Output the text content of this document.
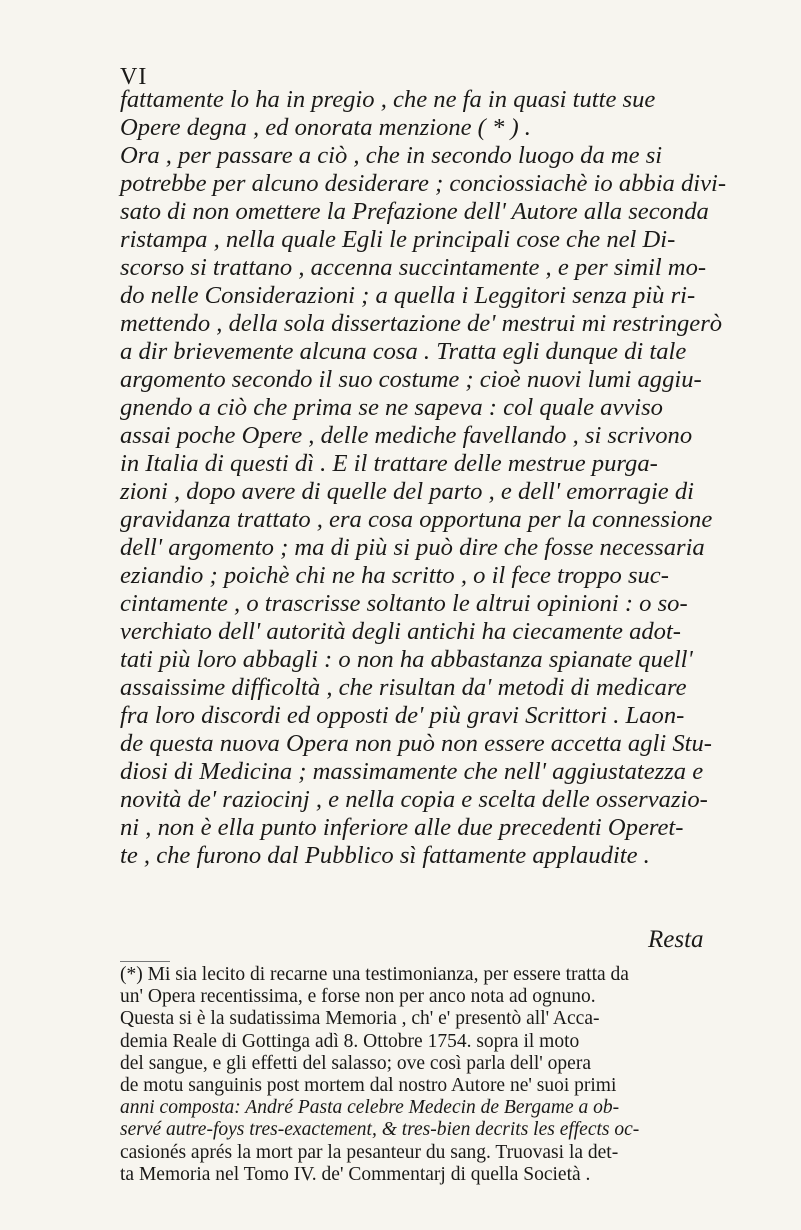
VI
fattamente lo ha in pregio , che ne fa in quasi tutte sue
Opere degna , ed onorata menzione ( * ) .
Ora , per passare a ciò , che in secondo luogo da me si
potrebbe per alcuno desiderare ; conciossiachè io abbia divi-
sato di non omettere la Prefazione dell' Autore alla seconda
ristampa , nella quale Egli le principali cose che nel Di-
scorso si trattano , accenna succintamente , e per simil mo-
do nelle Considerazioni ; a quella i Leggitori senza più ri-
mettendo , della sola dissertazione de' mestrui mi restringerò
a dir brievemente alcuna cosa . Tratta egli dunque di tale
argomento secondo il suo costume ; cioè nuovi lumi aggiu-
gnendo a ciò che prima se ne sapeva : col quale avviso
assai poche Opere , delle mediche favellando , si scrivono
in Italia di questi dì . E il trattare delle mestrue purga-
zioni , dopo avere di quelle del parto , e dell' emorragie di
gravidanza trattato , era cosa opportuna per la connessione
dell' argomento ; ma di più si può dire che fosse necessaria
eziandio ; poichè chi ne ha scritto , o il fece troppo suc-
cintamente , o trascrisse soltanto le altrui opinioni : o so-
verchiato dell' autorità degli antichi ha ciecamente adot-
tati più loro abbagli : o non ha abbastanza spianate quell'
assaissime difficoltà , che risultan da' metodi di medicare
fra loro discordi ed opposti de' più gravi Scrittori . Laon-
de questa nuova Opera non può non essere accetta agli Stu-
diosi di Medicina ; massimamente che nell' aggiustatezza e
novità de' raziocinj , e nella copia e scelta delle osservazio-
ni , non è ella punto inferiore alle due precedenti Operet-
te , che furono dal Pubblico sì fattamente applaudite .
Resta
(*) Mi sia lecito di recarne una testimonianza, per essere tratta da
un' Opera recentissima, e forse non per anco nota ad ognuno.
Questa si è la sudatissima Memoria , ch' e' presentò all' Acca-
demia Reale di Gottinga adì 8. Ottobre 1754. sopra il moto
del sangue, e gli effetti del salasso; ove così parla dell' opera
de motu sanguinis post mortem dal nostro Autore ne' suoi primi
anni composta: André Pasta celebre Medecin de Bergame a ob-
servé autre-foys tres-exactement, & tres-bien decrits les effects oc-
casionés aprés la mort par la pesanteur du sang. Truovasi la det-
ta Memoria nel Tomo IV. de' Commentarj di quella Società .
